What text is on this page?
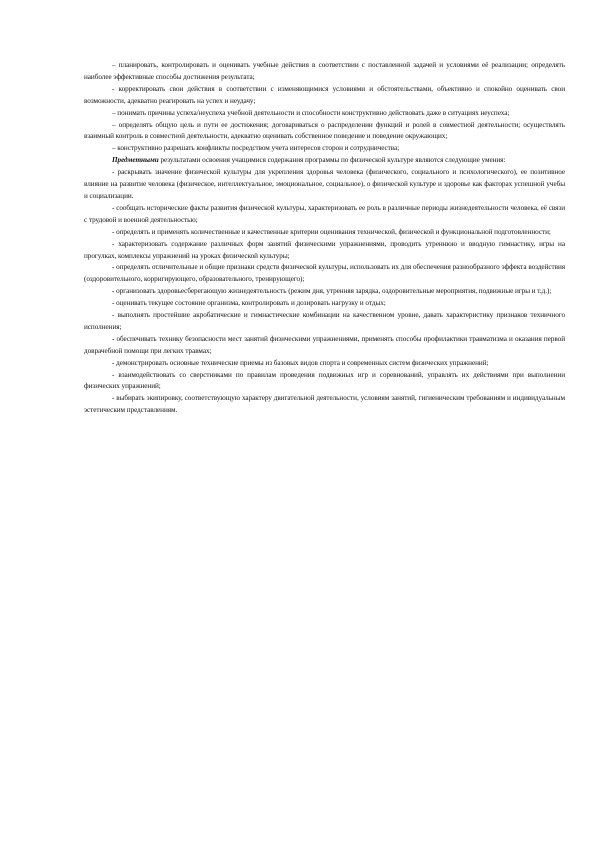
– планировать, контролировать и оценивать учебные действия в соответствии с поставленной задачей и условиями её реализации; определять наиболее эффективные способы достижения результата;

- корректировать свои действия в соответствии с изменяющимися условиями и обстоятельствами, объективно и спокойно оценивать свои возможности, адекватно реагировать на успех и неудачу;

– понимать причины успеха/неуспеха учебной деятельности и способности конструктивно действовать даже в ситуациях неуспеха;

– определять общую цель и пути ее достижения; договариваться о распределении функций и ролей в совместной деятельности; осуществлять взаимный контроль в совместной деятельности, адекватно оценивать собственное поведение и поведение окружающих;

– конструктивно разрешать конфликты посредством учета интересов сторон и сотрудничества;

Предметными результатами освоения учащимися содержания программы по физической культуре являются следующие умения:

- раскрывать значение физической культуры для укрепления здоровья человека (физического, социального и психологического), ее позитивное влияние на развитие человека (физическое, интеллектуальное, эмоциональное, социальное), о физической культуре и здоровье как факторах успешной учебы и социализации.

- сообщать исторические факты развития физической культуры, характеризовать ее роль в различные периоды жизнедеятельности человека, её связи с трудовой и военной деятельностью;

- определять и применять количественные и качественные критерии оценивания технической, физической и функциональной подготовленности;

- характеризовать содержание различных форм занятий физическими упражнениями, проводить утреннюю и вводную гимнастику, игры на прогулках, комплексы упражнений на уроках физической культуры;

- определять отличительные и общие признаки средств физической культуры, использовать их для обеспечения разнообразного эффекта воздействия (оздоровительного, корригирующего, образовательного, тренирующего);

- организовать здоровьесберегающую жизнедеятельность (режим дня, утренняя зарядка, оздоровительные мероприятия, подвижные игры и т.д.);

- оценивать текущее состояние организма, контролировать и дозировать нагрузку и отдых;

- выполнять простейшие акробатические и гимнастические комбинации на качественном уровне, давать характеристику признаков техничного исполнения;

- обеспечивать технику безопасности мест занятий физическими упражнениями, применять способы профилактики травматизма и оказания первой доврачебной помощи при легких травмах;

- демонстрировать основные технические приемы из базовых видов спорта и современных систем физических упражнений;

- взаимодействовать со сверстниками по правилам проведения подвижных игр и соревнований, управлять их действиями при выполнении физических упражнений;

- выбирать экипировку, соответствующую характеру двигательной деятельности, условиям занятий, гигиеническим требованиям и индивидуальным эстетическим представлениям.
